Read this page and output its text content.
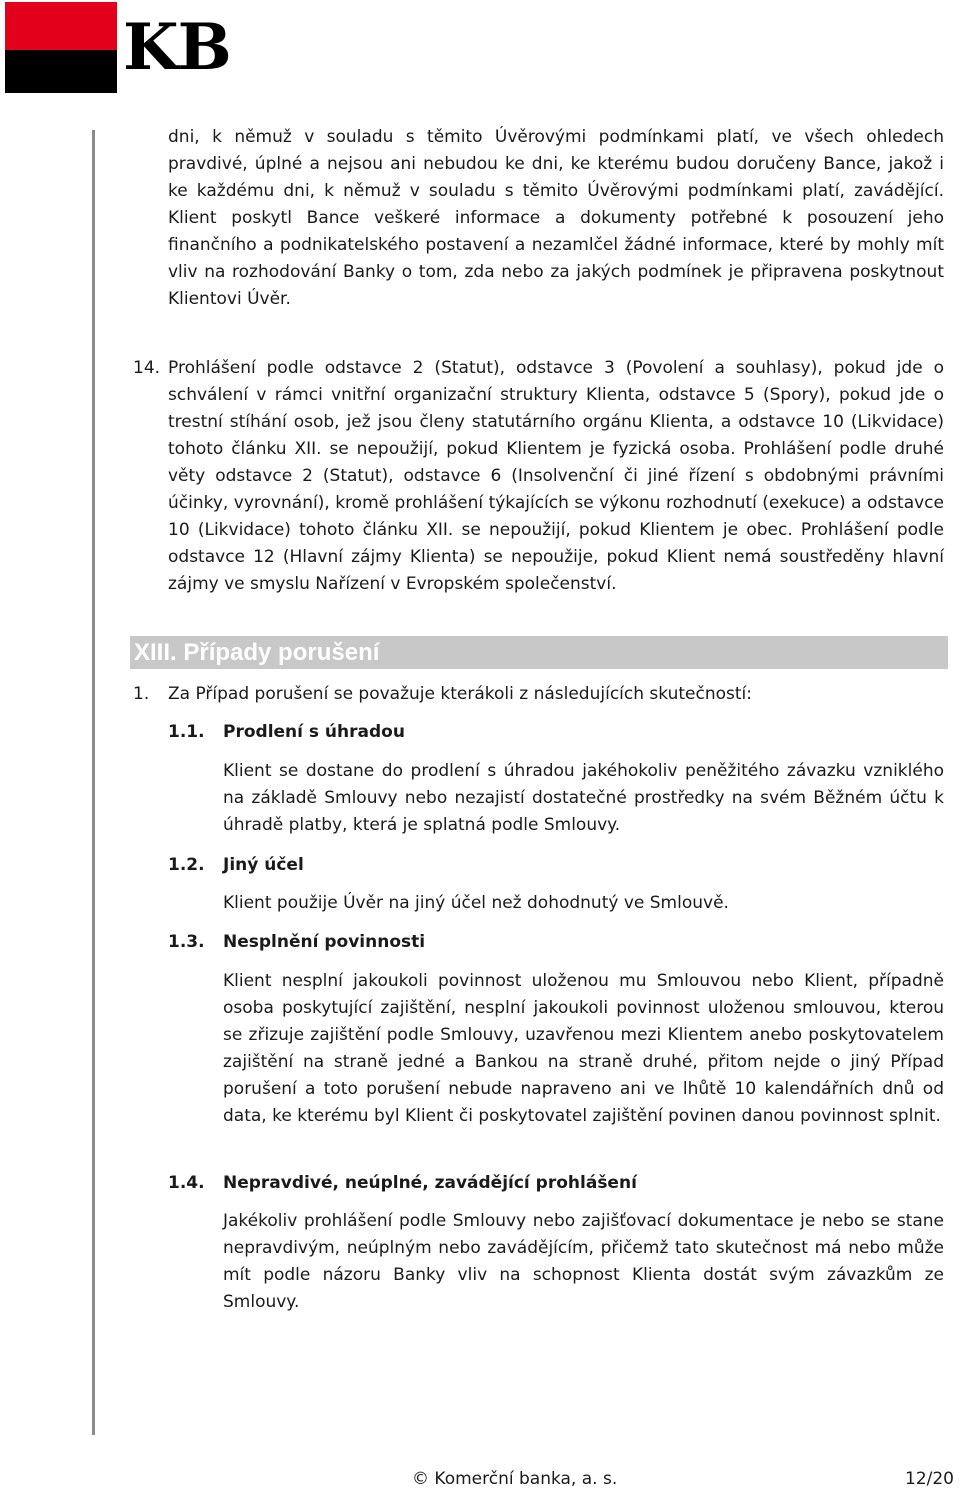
KB

dni, k němuž v souladu s těmito Úvěrovými podmínkami platí, ve všech ohledech pravdivé, úplné a nejsou ani nebudou ke dni, ke kterému budou doručeny Bance, jakož i ke každému dni, k němuž v souladu s těmito Úvěrovými podmínkami platí, zavádějící. Klient poskytl Bance veškeré informace a dokumenty potřebné k posouzení jeho finančního a podnikatelského postavení a nezamlčel žádné informace, které by mohly mít vliv na rozhodování Banky o tom, zda nebo za jakých podmínek je připravena poskytnout Klientovi Úvěr.

14. Prohlášení podle odstavce 2 (Statut), odstavce 3 (Povolení a souhlasy), pokud jde o schválení v rámci vnitřní organizační struktury Klienta, odstavce 5 (Spory), pokud jde o trestní stíhání osob, jež jsou členy statutárního orgánu Klienta, a odstavce 10 (Likvidace) tohoto článku XII. se nepoužijí, pokud Klientem je fyzická osoba. Prohlášení podle druhé věty odstavce 2 (Statut), odstavce 6 (Insolvenční či jiné řízení s obdobnými právními účinky, vyrovnání), kromě prohlášení týkajících se výkonu rozhodnutí (exekuce) a odstavce 10 (Likvidace) tohoto článku XII. se nepoužijí, pokud Klientem je obec. Prohlášení podle odstavce 12 (Hlavní zájmy Klienta) se nepoužije, pokud Klient nemá soustředěny hlavní zájmy ve smyslu Nařízení v Evropském společenství.

XIII. Případy porušení
1. Za Případ porušení se považuje kterákoli z následujících skutečností:

1.1. Prodlení s úhradou

Klient se dostane do prodlení s úhradou jakéhokoliv peněžitého závazku vzniklého na základě Smlouvy nebo nezajistí dostatečné prostředky na svém Běžném účtu k úhradě platby, která je splatná podle Smlouvy.

1.2. Jiný účel

Klient použije Úvěr na jiný účel než dohodnutý ve Smlouvě.

1.3. Nesplnění povinnosti

Klient nesplní jakoukoli povinnost uloženou mu Smlouvou nebo Klient, případně osoba poskytující zajištění, nesplní jakoukoli povinnost uloženou smlouvou, kterou se zřizuje zajištění podle Smlouvy, uzavřenou mezi Klientem anebo poskytovatelem zajištění na straně jedné a Bankou na straně druhé, přitom nejde o jiný Případ porušení a toto porušení nebude napraveno ani ve lhůtě 10 kalendářních dnů od data, ke kterému byl Klient či poskytovatel zajištění povinen danou povinnost splnit.

1.4. Nepravdivé, neúplné, zavádějící prohlášení

Jakékoliv prohlášení podle Smlouvy nebo zajišťovací dokumentace je nebo se stane nepravdivým, neúplným nebo zavádějícím, přičemž tato skutečnost má nebo může mít podle názoru Banky vliv na schopnost Klienta dostát svým závazkům ze Smlouvy.

© Komerční banka, a. s.	12/20
